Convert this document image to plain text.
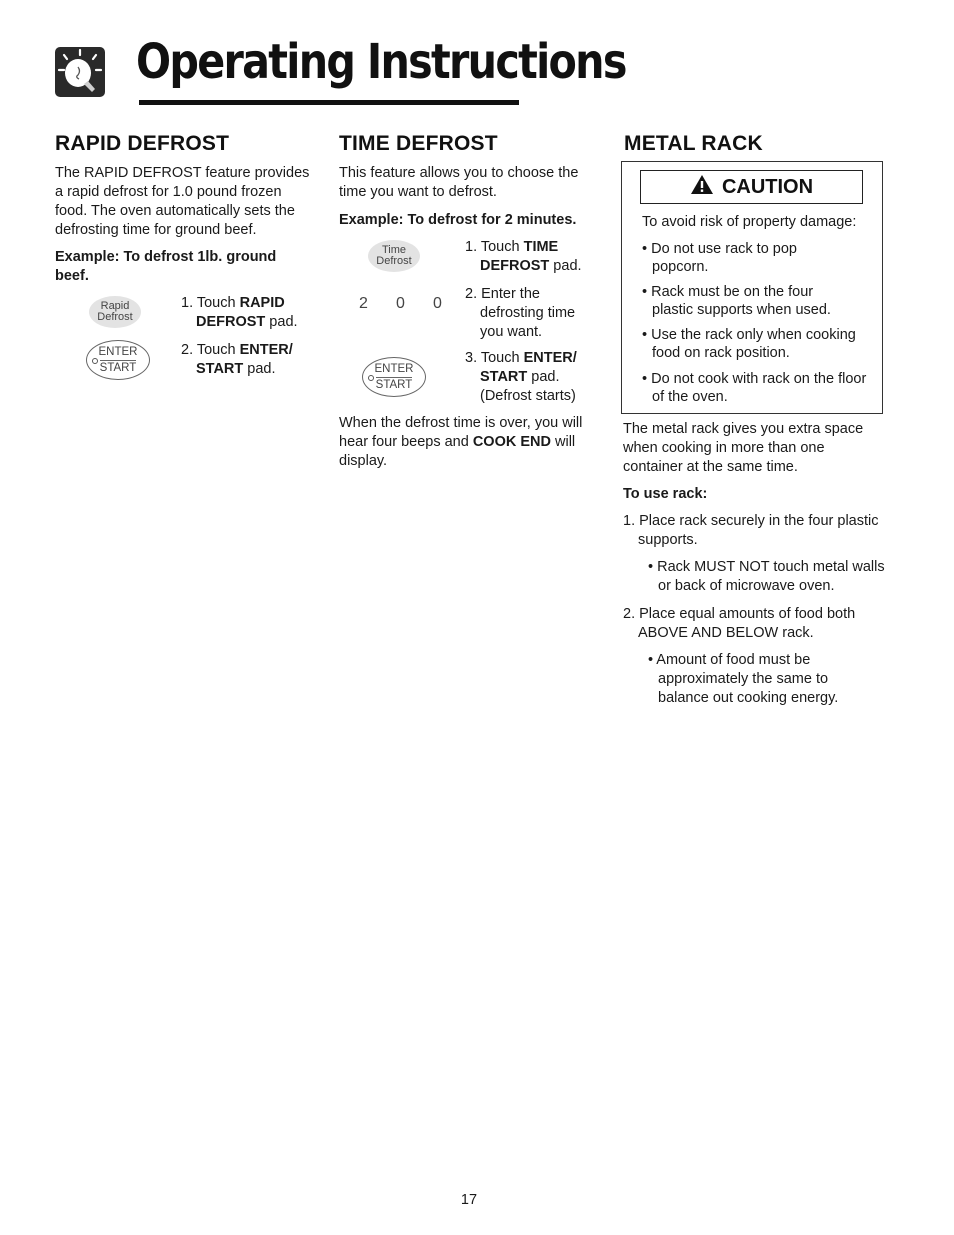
Operating Instructions
RAPID DEFROST

The RAPID DEFROST feature provides a rapid defrost for 1.0 pound frozen food. The oven automatically sets the defrosting time for ground beef.

Example: To defrost 1lb. ground
beef.
Rapid
Defrost
ENTER
START
1. Touch RAPID
DEFROST pad.
2. Touch ENTER/
START pad.
TIME DEFROST

This feature allows you to choose the time you want to defrost.

Example: To defrost for 2 minutes.
Time
Defrost
2	0	0
ENTER
START
1. Touch TIME
DEFROST pad.
2. Enter the
defrosting time
you want.
3. Touch ENTER/
START pad.
(Defrost starts)

When the defrost time is over, you will hear four beeps and COOK END will display.

METAL RACK
CAUTION
To avoid risk of property damage:
• Do not use rack to pop popcorn.
• Rack must be on the four plastic supports when used.
• Use the rack only when cooking food on rack position.
• Do not cook with rack on the floor of the oven.

The metal rack gives you extra space when cooking in more than one container at the same time.

To use rack:
1. Place rack securely in the four plastic supports.
• Rack MUST NOT touch metal walls or back of microwave oven.
2. Place equal amounts of food both ABOVE AND BELOW rack.
• Amount of food must be approximately the same to balance out cooking energy.
17
